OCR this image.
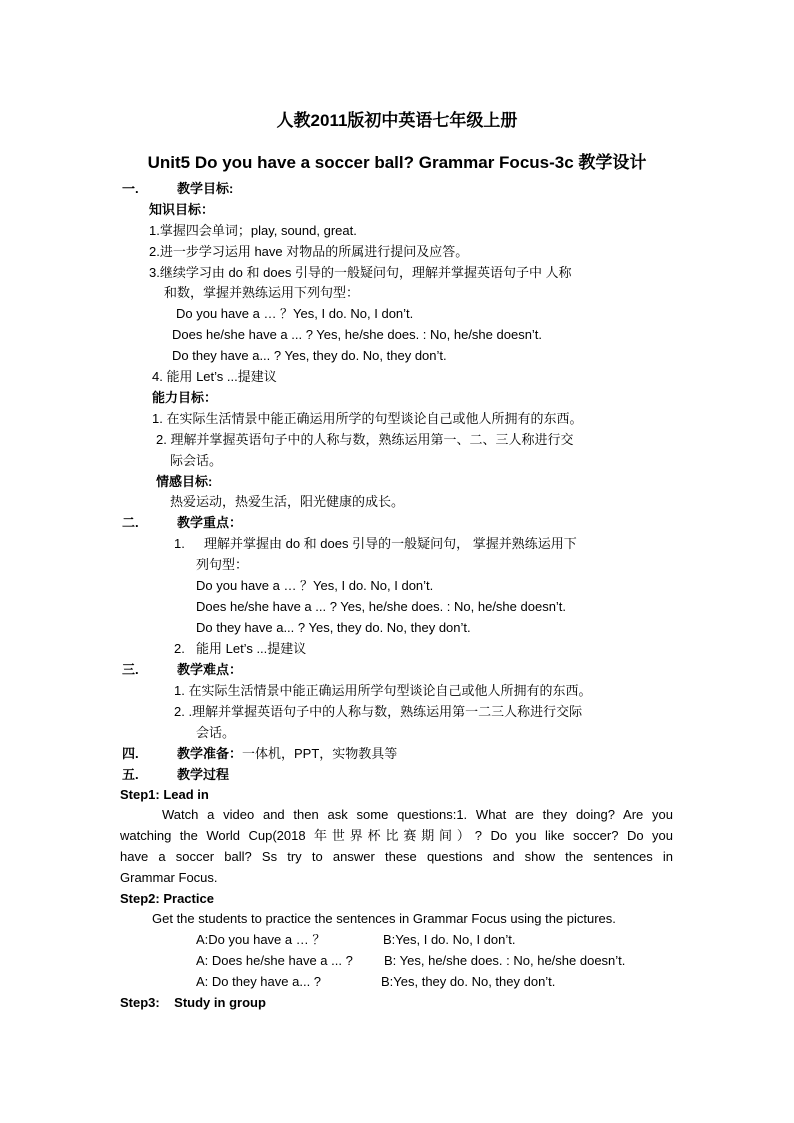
人教2011版初中英语七年级上册
Unit5 Do you have a soccer ball? Grammar Focus-3c 教学设计
一.	教学目标:
知识目标：
1.掌握四会单词；play, sound, great.
2.进一步学习运用 have 对物品的所属进行提问及应答。
3.继续学习由 do 和 does 引导的一般疑问句，理解并掌握英语句子中 人称
和数，掌握并熟练运用下列句型：
Do you have a … ？Yes, I do. No, I don’t.
Does he/she have a ... ? Yes, he/she does. : No, he/she doesn’t.
Do they have a... ? Yes, they do. No, they don’t.
4. 能用 Let’s ...提建议
能力目标：
1. 在实际生活情景中能正确运用所学的句型谈论自己或他人所拥有的东西。
2. 理解并掌握英语句子中的人称与数，熟练运用第一、二、三人称进行交
际会话。
情感目标:
热爱运动，热爱生活，阳光健康的成长。
二.	教学重点：
1. 理解并掌握由 do 和 does 引导的一般疑问句， 掌握并熟练运用下
列句型：
Do you have a … ？Yes, I do. No, I don’t.
Does he/she have a ... ? Yes, he/she does. : No, he/she doesn’t.
Do they have a... ? Yes, they do. No, they don’t.
2. 能用 Let’s ...提建议
三.	教学难点：
1. 在实际生活情景中能正确运用所学句型谈论自己或他人所拥有的东西。
2. .理解并掌握英语句子中的人称与数，熟练运用第一二三人称进行交际
会话。
四.	教学准备：一体机，PPT，实物教具等
五.	教学过程
Step1: Lead in
Watch a video and then ask some questions:1. What are they doing? Are you
watching the World Cup(2018 年世界杯比赛期间）? Do you like soccer? Do you
have a soccer ball? Ss try to answer these questions and show the sentences in
Grammar Focus.
Step2: Practice
Get the students to practice the sentences in Grammar Focus using the pictures.
A:Do you have a … ？	B:Yes, I do. No, I don’t.
A: Does he/she have a ... ? B: Yes, he/she does. : No, he/she doesn’t.
A: Do they have a... ?	B:Yes, they do. No, they don’t.
Step3:    Study in group
